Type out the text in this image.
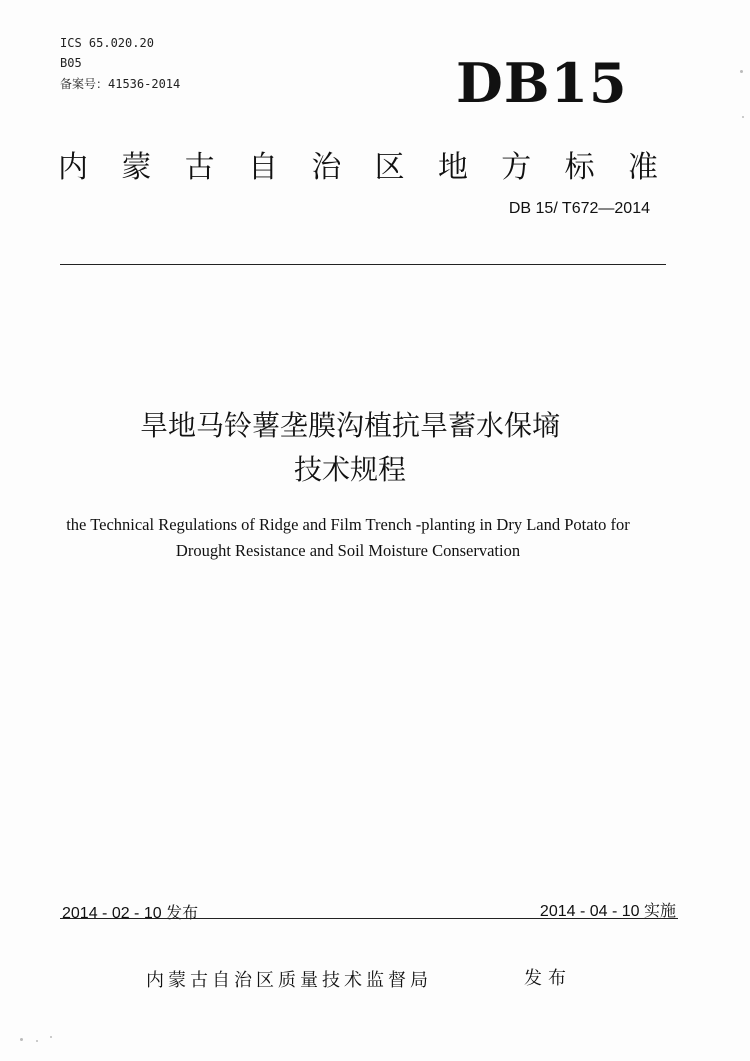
ICS 65.020.20
B05
备案号：41536-2014	DB15
内 蒙 古 自 治 区 地 方 标 准
DB 15/ T672—2014
旱地马铃薯垄膜沟植抗旱蓄水保墒
技术规程
the Technical Regulations of Ridge and Film Trench -planting in Dry Land Potato for
Drought Resistance and Soil Moisture Conservation
2014 - 02 - 10 发布	2014 - 04 - 10 实施
内蒙古自治区质量技术监督局	发布
